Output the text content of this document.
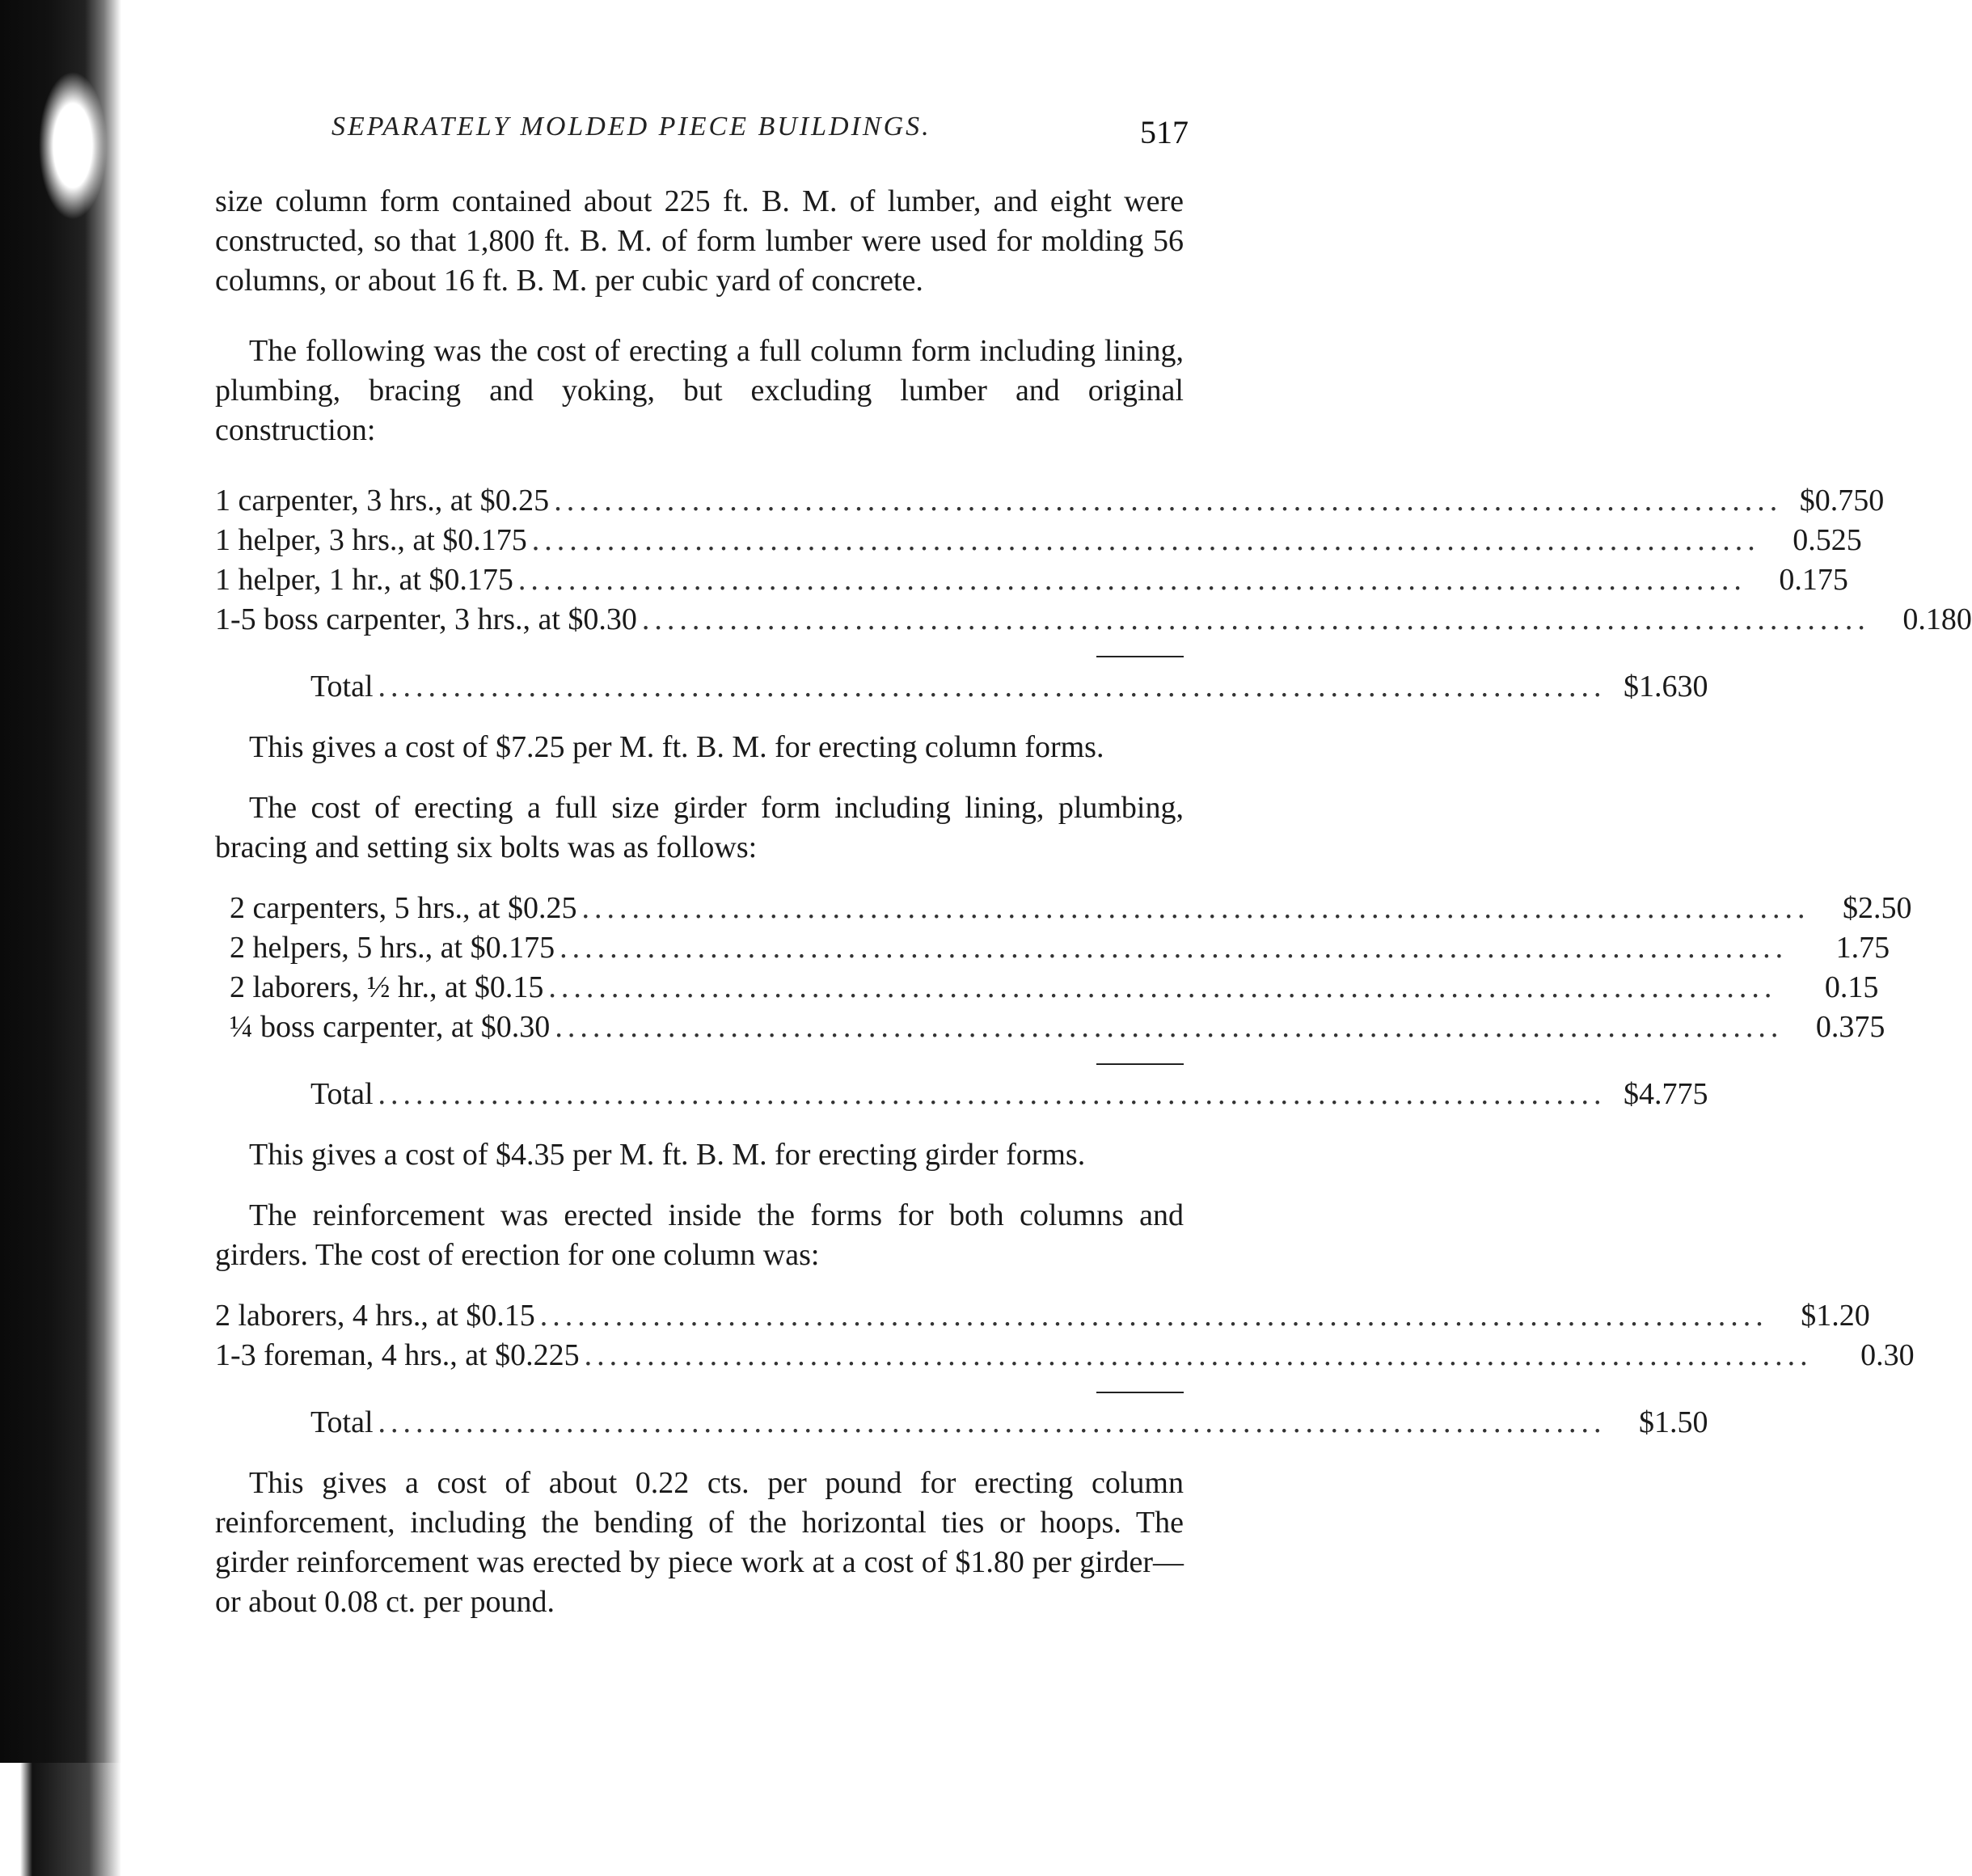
SEPARATELY MOLDED PIECE BUILDINGS.	517

size column form contained about 225 ft. B. M. of lumber, and eight were constructed, so that 1,800 ft. B. M. of form lumber were used for molding 56 columns, or about 16 ft. B. M. per cubic yard of concrete.

The following was the cost of erecting a full column form including lining, plumbing, bracing and yoking, but excluding lumber and original construction:

1 carpenter, 3 hrs., at $0.25 .................................................................................................. $0.750
1 helper, 3 hrs., at $0.175 ..................................................................................................	0.525
1 helper, 1 hr., at $0.175 ..................................................................................................	0.175
1-5 boss carpenter, 3 hrs., at $0.30 ..................................................................................................	0.180
Total .................................................................................................. $1.630

This gives a cost of $7.25 per M. ft. B. M. for erecting column forms.

The cost of erecting a full size girder form including lining, plumbing, bracing and setting six bolts was as follows:

2 carpenters, 5 hrs., at $0.25 ..................................................................................................	$2.50
2 helpers, 5 hrs., at $0.175 ..................................................................................................	1.75
2 laborers, ½ hr., at $0.15 ..................................................................................................	0.15
¼ boss carpenter, at $0.30 ..................................................................................................	0.375
Total .................................................................................................. $4.775

This gives a cost of $4.35 per M. ft. B. M. for erecting girder forms.

The reinforcement was erected inside the forms for both columns and girders. The cost of erection for one column was:

2 laborers, 4 hrs., at $0.15 ..................................................................................................	$1.20
1-3 foreman, 4 hrs., at $0.225 ..................................................................................................	0.30
Total ..................................................................................................	$1.50

This gives a cost of about 0.22 cts. per pound for erecting column reinforcement, including the bending of the horizontal ties or hoops. The girder reinforcement was erected by piece work at a cost of $1.80 per girder—or about 0.08 ct. per pound.
